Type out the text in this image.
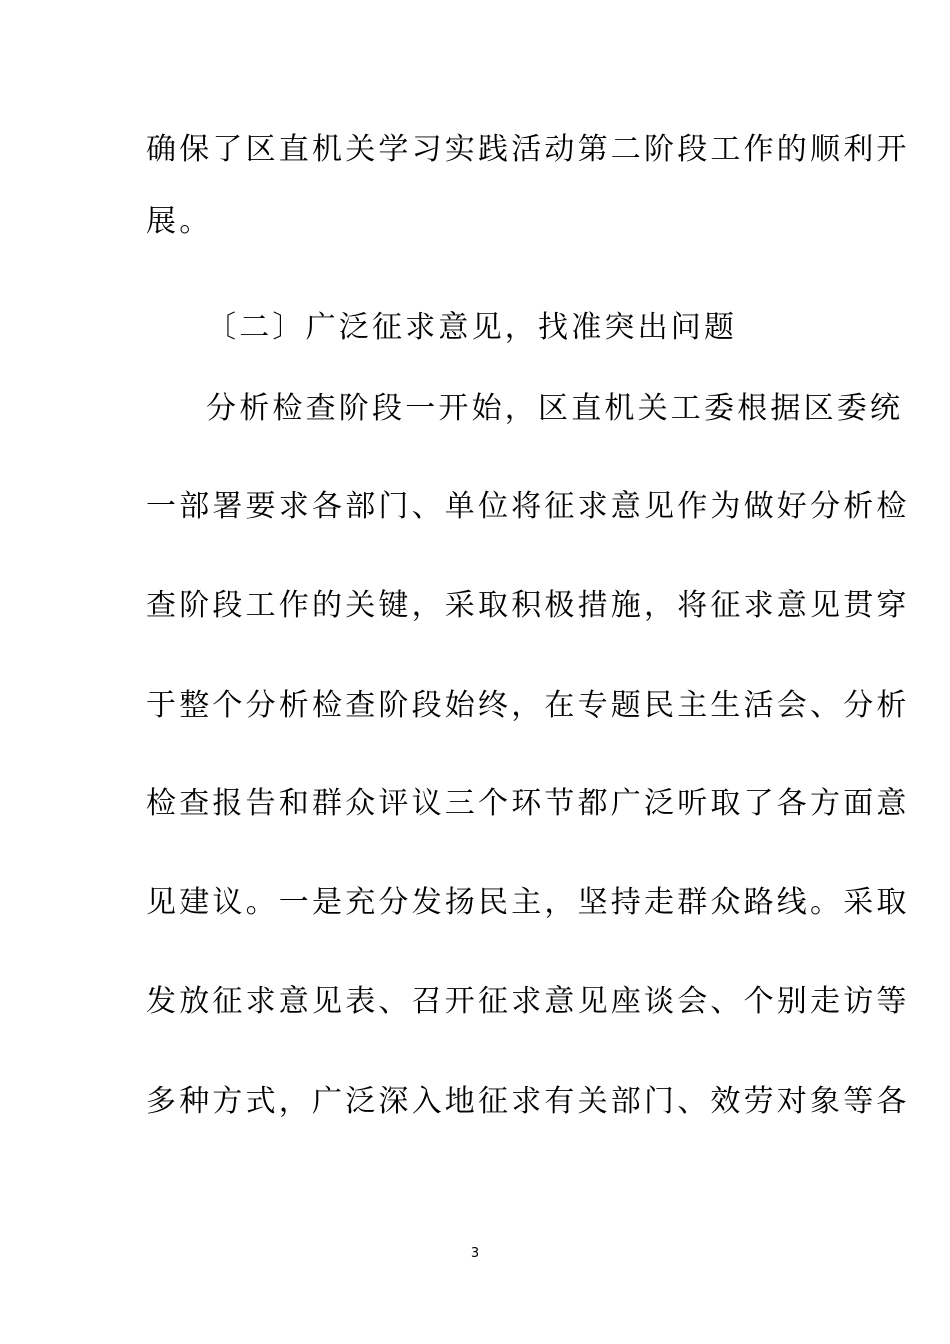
确保了区直机关学习实践活动第二阶段工作的顺利开
展。
〔二〕广泛征求意见，找准突出问题
分析检查阶段一开始，区直机关工委根据区委统
一部署要求各部门、单位将征求意见作为做好分析检
查阶段工作的关键，采取积极措施，将征求意见贯穿
于整个分析检查阶段始终，在专题民主生活会、分析
检查报告和群众评议三个环节都广泛听取了各方面意
见建议。一是充分发扬民主，坚持走群众路线。采取
发放征求意见表、召开征求意见座谈会、个别走访等
多种方式，广泛深入地征求有关部门、效劳对象等各
3
